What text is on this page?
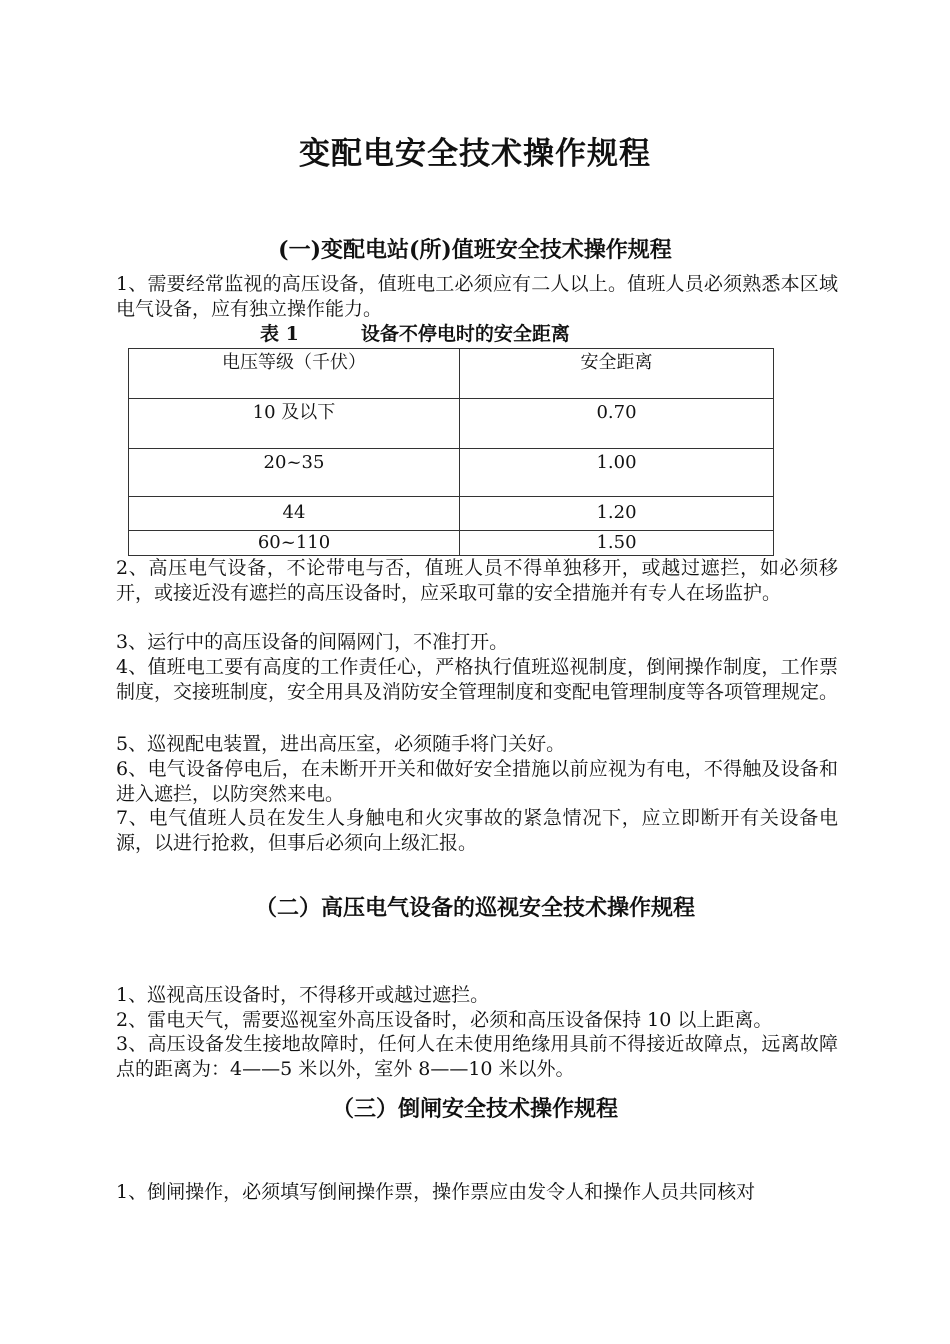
变配电安全技术操作规程
(一)变配电站(所)值班安全技术操作规程
1、需要经常监视的高压设备，值班电工必须应有二人以上。值班人员必须熟悉本区域电气设备，应有独立操作能力。
表 1	设备不停电时的安全距离
电压等级（千伏）	安全距离

10 及以下	0.70

20~35	1.00

44	1.20

60~110	1.50
2、高压电气设备，不论带电与否，值班人员不得单独移开，或越过遮拦，如必须移开，或接近没有遮拦的高压设备时，应采取可靠的安全措施并有专人在场监护。
3、运行中的高压设备的间隔网门，不准打开。
4、值班电工要有高度的工作责任心，严格执行值班巡视制度，倒闸操作制度，工作票制度，交接班制度，安全用具及消防安全管理制度和变配电管理制度等各项管理规定。
5、巡视配电装置，进出高压室，必须随手将门关好。
6、电气设备停电后，在未断开开关和做好安全措施以前应视为有电，不得触及设备和进入遮拦，以防突然来电。
7、电气值班人员在发生人身触电和火灾事故的紧急情况下，应立即断开有关设备电源，以进行抢救，但事后必须向上级汇报。
（二）高压电气设备的巡视安全技术操作规程
1、巡视高压设备时，不得移开或越过遮拦。
2、雷电天气，需要巡视室外高压设备时，必须和高压设备保持 10 以上距离。
3、高压设备发生接地故障时，任何人在未使用绝缘用具前不得接近故障点，远离故障点的距离为：4——5 米以外，室外 8——10 米以外。
（三）倒闸安全技术操作规程
1、倒闸操作，必须填写倒闸操作票，操作票应由发令人和操作人员共同核对
